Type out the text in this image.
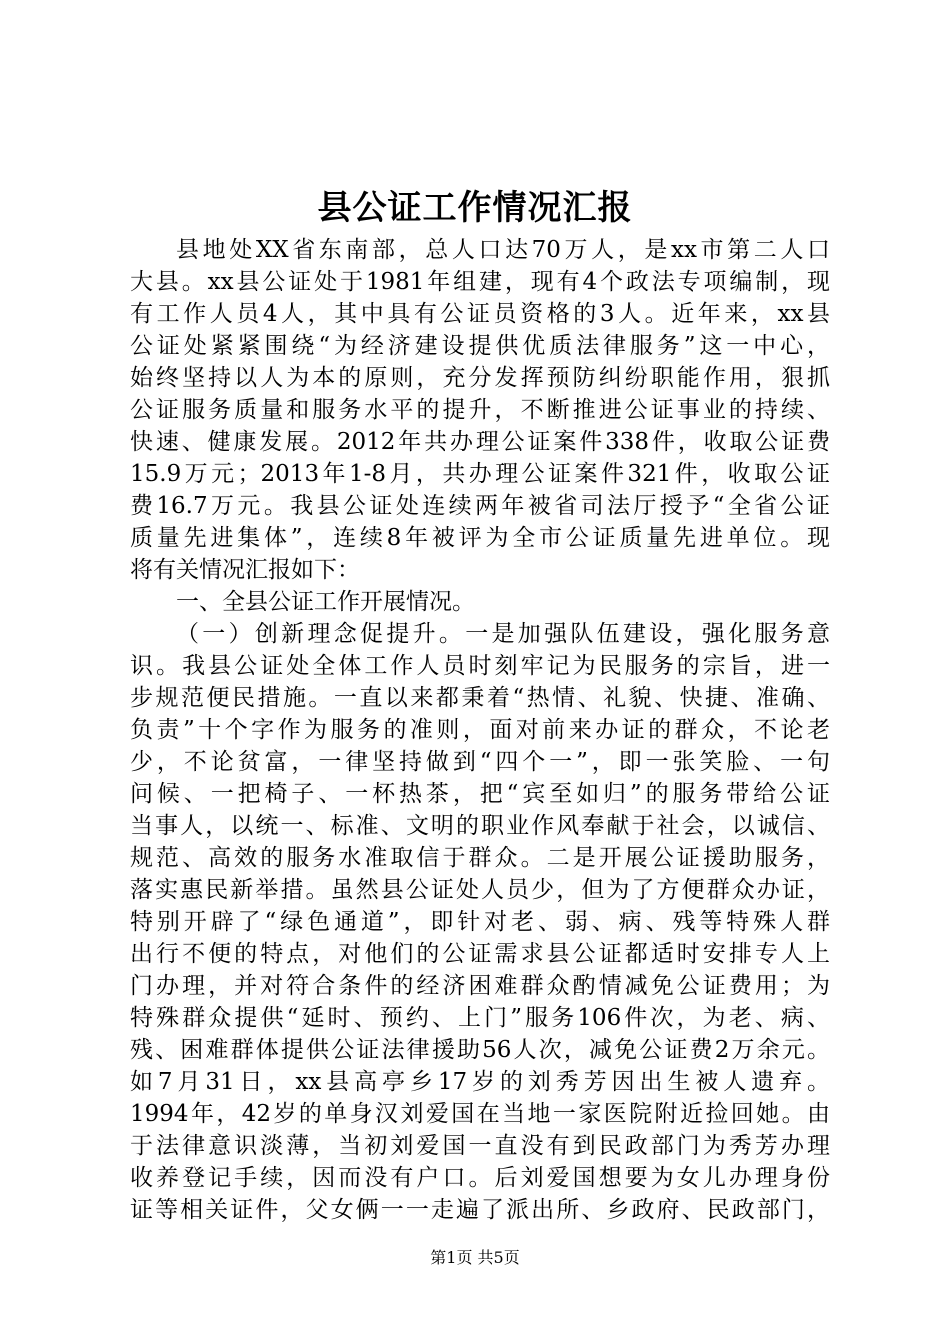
县公证工作情况汇报
县地处XX省东南部，总人口达70万人，是xx市第二人口
大县。xx县公证处于1981年组建，现有4个政法专项编制，现
有工作人员4人，其中具有公证员资格的3人。近年来，xx县
公证处紧紧围绕“为经济建设提供优质法律服务”这一中心，
始终坚持以人为本的原则，充分发挥预防纠纷职能作用，狠抓
公证服务质量和服务水平的提升，不断推进公证事业的持续、
快速、健康发展。2012年共办理公证案件338件，收取公证费
15.9万元；2013年1-8月，共办理公证案件321件，收取公证
费16.7万元。我县公证处连续两年被省司法厅授予“全省公证
质量先进集体”，连续8年被评为全市公证质量先进单位。现
将有关情况汇报如下：
一、全县公证工作开展情况。
（一）创新理念促提升。一是加强队伍建设，强化服务意
识。我县公证处全体工作人员时刻牢记为民服务的宗旨，进一
步规范便民措施。一直以来都秉着“热情、礼貌、快捷、准确、
负责”十个字作为服务的准则，面对前来办证的群众，不论老
少，不论贫富，一律坚持做到“四个一”，即一张笑脸、一句
问候、一把椅子、一杯热茶，把“宾至如归”的服务带给公证
当事人，以统一、标准、文明的职业作风奉献于社会，以诚信、
规范、高效的服务水准取信于群众。二是开展公证援助服务，
落实惠民新举措。虽然县公证处人员少，但为了方便群众办证，
特别开辟了“绿色通道”，即针对老、弱、病、残等特殊人群
出行不便的特点，对他们的公证需求县公证都适时安排专人上
门办理，并对符合条件的经济困难群众酌情减免公证费用；为
特殊群众提供“延时、预约、上门”服务106件次，为老、病、
残、困难群体提供公证法律援助56人次，减免公证费2万余元。
如7月31日，xx县高亭乡17岁的刘秀芳因出生被人遗弃。
1994年，42岁的单身汉刘爱国在当地一家医院附近捡回她。由
于法律意识淡薄，当初刘爱国一直没有到民政部门为秀芳办理
收养登记手续，因而没有户口。后刘爱国想要为女儿办理身份
证等相关证件，父女俩一一走遍了派出所、乡政府、民政部门，
第1页 共5页
